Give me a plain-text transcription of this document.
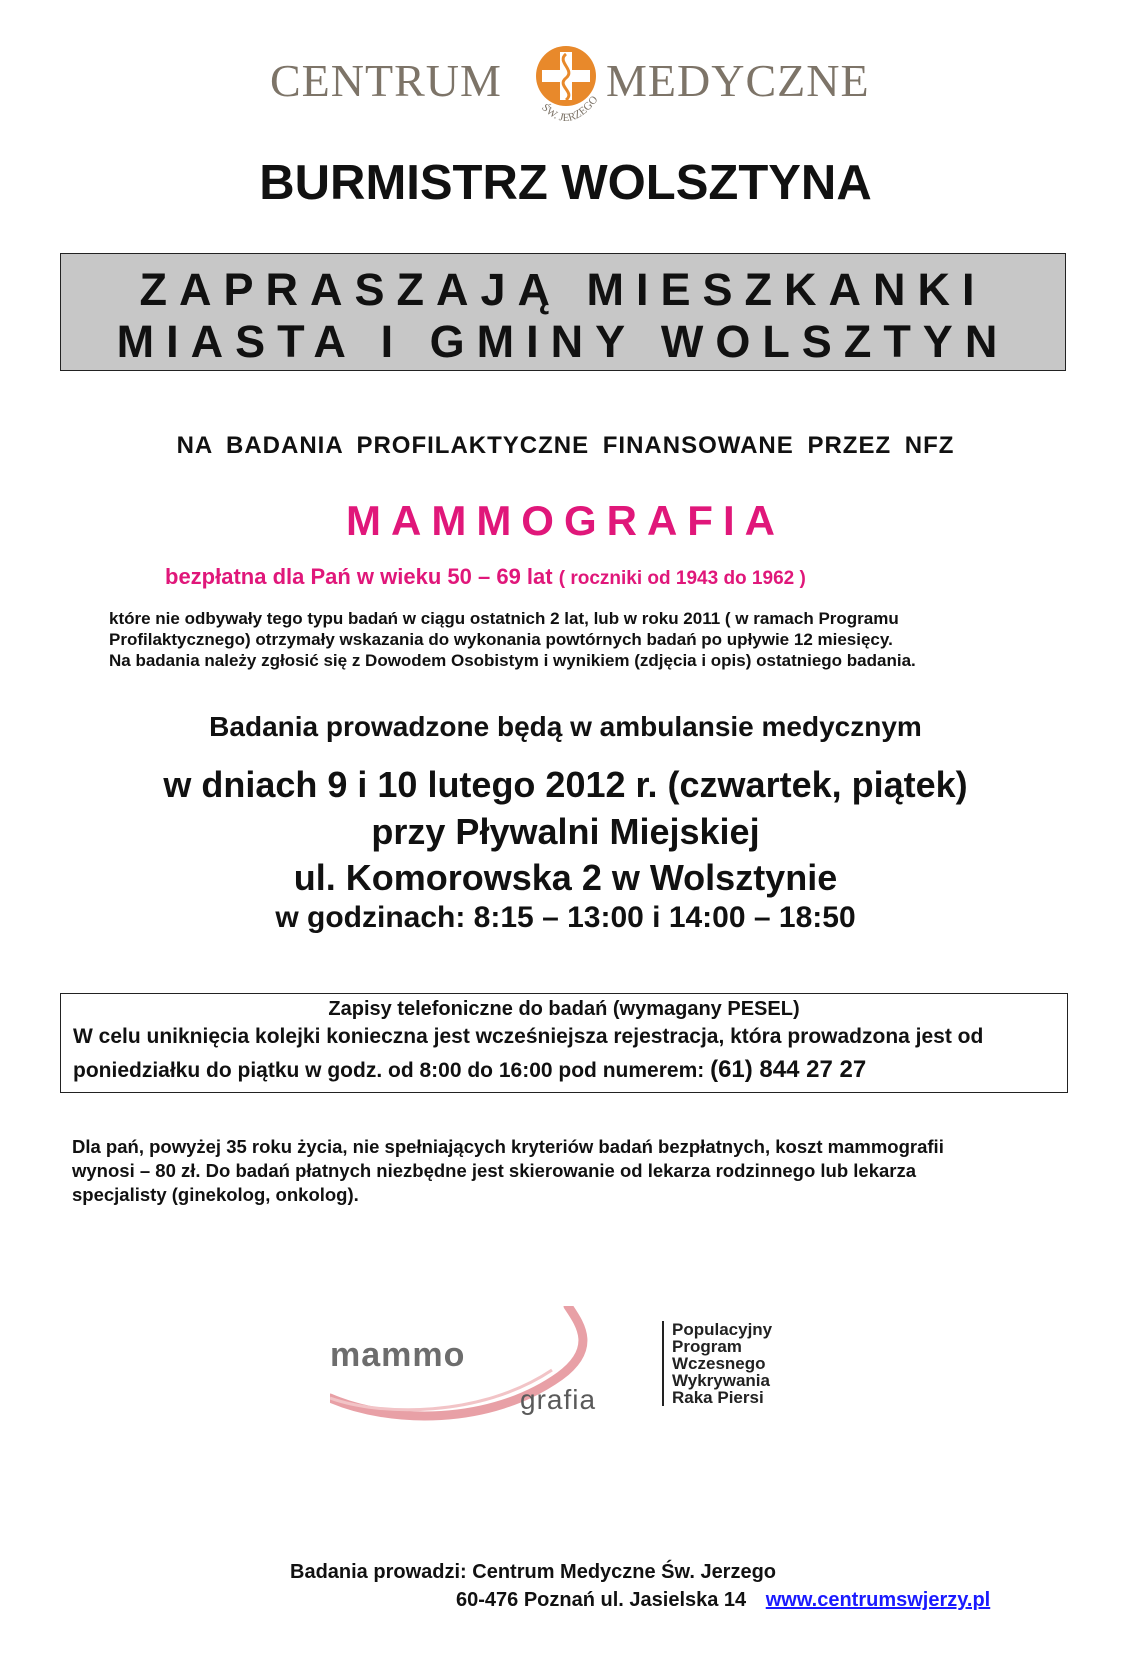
CENTRUM
ŚW. JERZEGO MEDYCZNE
BURMISTRZ WOLSZTYNA
ZAPRASZAJĄ MIESZKANKI
MIASTA I GMINY WOLSZTYN
NA BADANIA PROFILAKTYCZNE FINANSOWANE PRZEZ NFZ
MAMMOGRAFIA
bezpłatna dla Pań w wieku 50 – 69 lat ( roczniki od 1943 do 1962 )
które nie odbywały tego typu badań w ciągu ostatnich 2 lat, lub w roku 2011 ( w ramach Programu
Profilaktycznego) otrzymały wskazania do wykonania powtórnych badań po upływie 12 miesięcy.
Na badania należy zgłosić się z Dowodem Osobistym i wynikiem (zdjęcia i opis) ostatniego badania.
Badania prowadzone będą w ambulansie medycznym
w dniach 9 i 10 lutego 2012 r. (czwartek, piątek)
przy Pływalni Miejskiej
ul. Komorowska 2 w Wolsztynie
w godzinach: 8:15 – 13:00 i 14:00 – 18:50
Zapisy telefoniczne do badań (wymagany PESEL)
W celu uniknięcia kolejki konieczna jest wcześniejsza rejestracja, która prowadzona jest od
poniedziałku do piątku w godz. od 8:00 do 16:00 pod numerem: (61) 844 27 27
Dla pań, powyżej 35 roku życia, nie spełniających kryteriów badań bezpłatnych, koszt mammografii
wynosi – 80 zł. Do badań płatnych niezbędne jest skierowanie od lekarza rodzinnego lub lekarza
specjalisty (ginekolog, onkolog).
mammo
grafia
Populacyjny
Program
Wczesnego
Wykrywania
Raka Piersi
Badania prowadzi: Centrum Medyczne Św. Jerzego
60-476 Poznań ul. Jasielska 14 www.centrumswjerzy.pl
